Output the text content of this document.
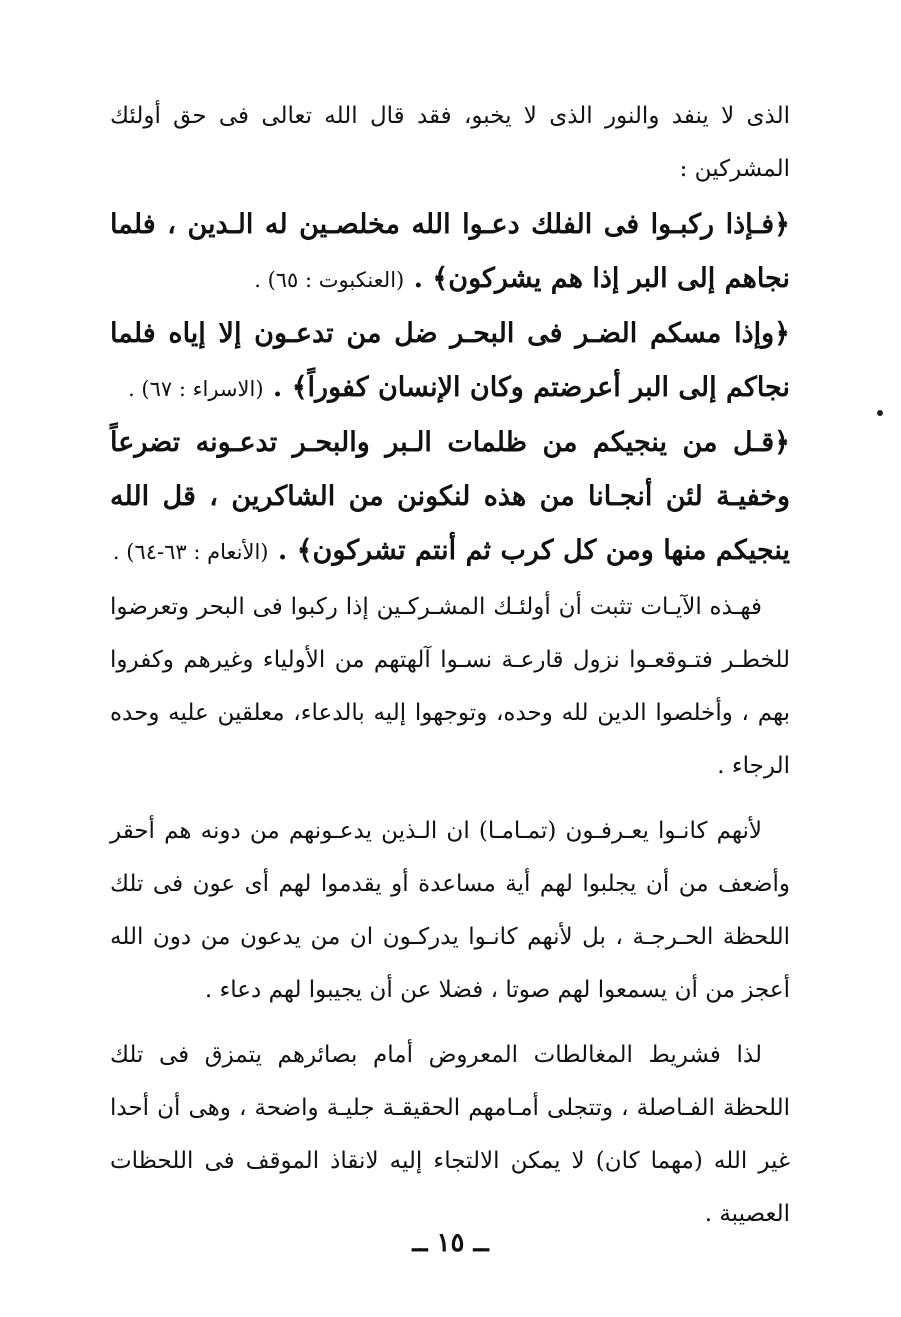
الذى لا ينفد والنور الذى لا يخبو، فقد قال الله تعالى فى حق أولئك المشركين :

﴿فـإذا ركبـوا فى الفلك دعـوا الله مخلصـين له الـدين ، فلما نجاهم إلى البر إذا هم يشركون﴾ . (العنكبوت : ٦٥) .

﴿وإذا مسكم الضـر فى البحـر ضل من تدعـون إلا إياه فلما نجاكم إلى البر أعرضتم وكان الإنسان كفوراً﴾ . (الاسراء : ٦٧) .

﴿قـل من ينجيكم من ظلمات الـبر والبحـر تدعـونه تضرعاً وخفيـة لئن أنجـانا من هذه لنكونن من الشاكرين ، قل الله ينجيكم منها ومن كل كرب ثم أنتم تشركون﴾ . (الأنعام : ٦٣-٦٤) .

فهـذه الآيـات تثبت أن أولئـك المشـركـين إذا ركبوا فى البحر وتعرضوا للخطـر فتـوقعـوا نزول قارعـة نسـوا آلهتهم من الأولياء وغيرهم وكفروا بهم ، وأخلصوا الدين لله وحده، وتوجهوا إليه بالدعاء، معلقين عليه وحده الرجاء .

لأنهم كانـوا يعـرفـون (تمـامـا) ان الـذين يدعـونهم من دونه هم أحقر وأضعف من أن يجلبوا لهم أية مساعدة أو يقدموا لهم أى عون فى تلك اللحظة الحـرجـة ، بل لأنهم كانـوا يدركـون ان من يدعون من دون الله أعجز من أن يسمعوا لهم صوتا ، فضلا عن أن يجيبوا لهم دعاء .

لذا فشريط المغالطات المعروض أمام بصائرهم يتمزق فى تلك اللحظة الفـاصلة ، وتتجلى أمـامهم الحقيقـة جليـة واضحة ، وهى أن أحدا غير الله (مهما كان) لا يمكن الالتجاء إليه لانقاذ الموقف فى اللحظات العصيبة .

ــ ١٥ ــ
